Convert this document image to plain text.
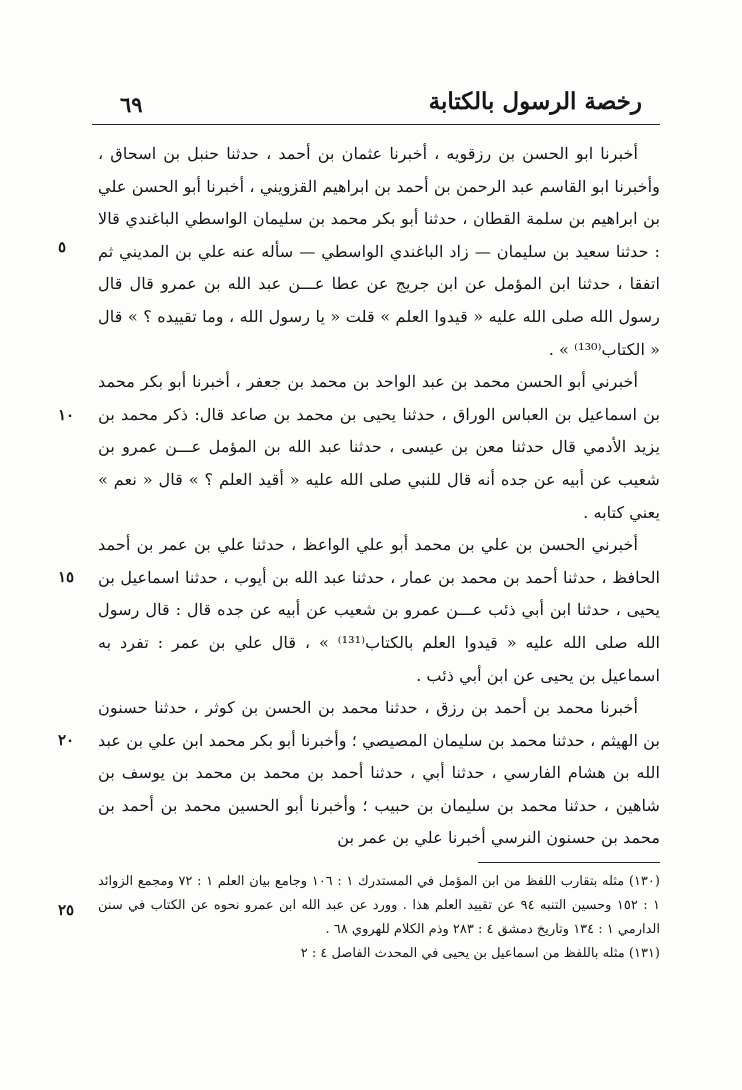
٦٩	رخصة الرسول بالكتابة
٥
١٠
١٥
٢٠
٢٥

أخبرنا ابو الحسن بن رزقويه ، أخبرنا عثمان بن أحمد ، حدثنا حنبل بن اسحاق ، وأخبرنا ابو القاسم عبد الرحمن بن أحمد بن ابراهيم القزويني ، أخبرنا أبو الحسن علي بن ابراهيم بن سلمة القطان ، حدثنا أبو بكر محمد بن سليمان الواسطي الباغندي قالا : حدثنا سعيد بن سليمان — زاد الباغندي الواسطي — سأله عنه علي بن المديني ثم اتفقا ، حدثنا ابن المؤمل عن ابن جريج عن عطا عـــن عبد الله بن عمرو قال قال رسول الله صلى الله عليه « قيدوا العلم » قلت « يا رسول الله ، وما تقييده ؟ » قال « الكتاب⁽¹³⁰⁾ » .

أخبرني أبو الحسن محمد بن عبد الواحد بن محمد بن جعفر ، أخبرنا أبو بكر محمد بن اسماعيل بن العباس الوراق ، حدثنا يحيى بن محمد بن صاعد قال: ذكر محمد بن يزيد الأدمي قال حدثنا معن بن عيسى ، حدثنا عبد الله بن المؤمل عـــن عمرو بن شعيب عن أبيه عن جده أنه قال للنبي صلى الله عليه « أقيد العلم ؟ » قال « نعم » يعني كتابه .

أخبرني الحسن بن علي بن محمد أبو علي الواعظ ، حدثنا علي بن عمر بن أحمد الحافظ ، حدثنا أحمد بن محمد بن عمار ، حدثنا عبد الله بن أيوب ، حدثنا اسماعيل بن يحيى ، حدثنا ابن أبي ذئب عـــن عمرو بن شعيب عن أبيه عن جده قال : قال رسول الله صلى الله عليه « قيدوا العلم بالكتاب⁽¹³¹⁾ » ، قال علي بن عمر : تفرد به اسماعيل بن يحيى عن ابن أبي ذئب .

أخبرنا محمد بن أحمد بن رزق ، حدثنا محمد بن الحسن بن كوثر ، حدثنا حسنون بن الهيثم ، حدثنا محمد بن سليمان المصيصي ؛ وأخبرنا أبو بكر محمد ابن علي بن عبد الله بن هشام الفارسي ، حدثنا أبي ، حدثنا أحمد بن محمد بن محمد بن يوسف بن شاهين ، حدثنا محمد بن سليمان بن حبيب ؛ وأخبرنا أبو الحسين محمد بن أحمد بن محمد بن حسنون النرسي أخبرنا علي بن عمر بن

(١٣٠) مثله بتقارب اللفظ من ابن المؤمل في المستدرك ١ : ١٠٦ وجامع بيان العلم ١ : ٧٢ ومجمع الزوائد ١ : ١٥٢ وحسين التنبه ٩٤ عن تقييد العلم هذا . وورد عن عبد الله ابن عمرو نحوه عن الكتاب في سنن الدارمي ١ : ١٣٤ وتاريخ دمشق ٤ : ٢٨٣ وذم الكلام للهروي ٦٨ .

(١٣١) مثله باللفظ من اسماعيل بن يحيى في المحدث الفاصل ٤ : ٢
